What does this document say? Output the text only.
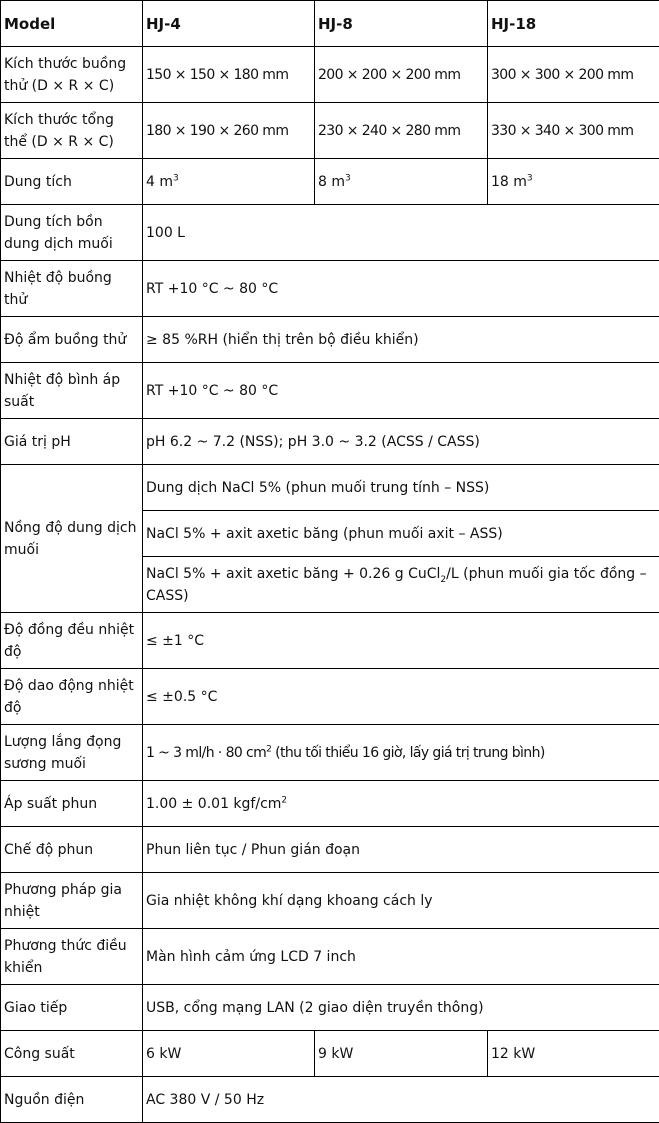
Model	HJ-4	HJ-8	HJ-18
Kích thước buồng thử (D × R × C)	150 × 150 × 180 mm	200 × 200 × 200 mm	300 × 300 × 200 mm
Kích thước tổng thể (D × R × C)	180 × 190 × 260 mm	230 × 240 × 280 mm	330 × 340 × 300 mm
Dung tích	4 $m^3$	8 $m^3$	18 $m^3$
Dung tích bồn dung dịch muối	100 L		
Nhiệt độ buồng thử	RT +10 °C ~ 80 °C		
Độ ẩm buồng thử	≥ 85 %RH (hiển thị trên bộ điều khiển)		
Nhiệt độ bình áp suất	RT +10 °C ~ 80 °C		
Giá trị pH	pH 6.2 ~ 7.2 (NSS); pH 3.0 ~ 3.2 (ACSS / CASS)		
Nồng độ dung dịch muối	Dung dịch NaCl 5% (phun muối trung tính – NSS)		
	NaCl 5% + axit axetic băng (phun muối axit – ASS)		
	NaCl 5% + axit axetic băng + 0.26 g CuCl$_2$/L (phun muối gia tốc đồng – CASS)		
Độ đồng đều nhiệt độ	≤ ±1 °C		
Độ dao động nhiệt độ	≤ ±0.5 °C		
Lượng lắng đọng sương muối	1 ~ 3 ml/h · 80 $cm^2$ (thu tối thiểu 16 giờ, lấy giá trị trung bình)		
Áp suất phun	1.00 ± 0.01 kgf/$cm^2$
Chế độ phun	Phun liên tục / Phun gián đoạn		
Phương pháp gia nhiệt	Gia nhiệt không khí dạng khoang cách ly		
Phương thức điều khiển	Màn hình cảm ứng LCD 7 inch		
Giao tiếp	USB, cổng mạng LAN (2 giao diện truyền thông)		
Công suất	6 kW	9 kW	12 kW
Nguồn điện	AC 380 V / 50 Hz		
